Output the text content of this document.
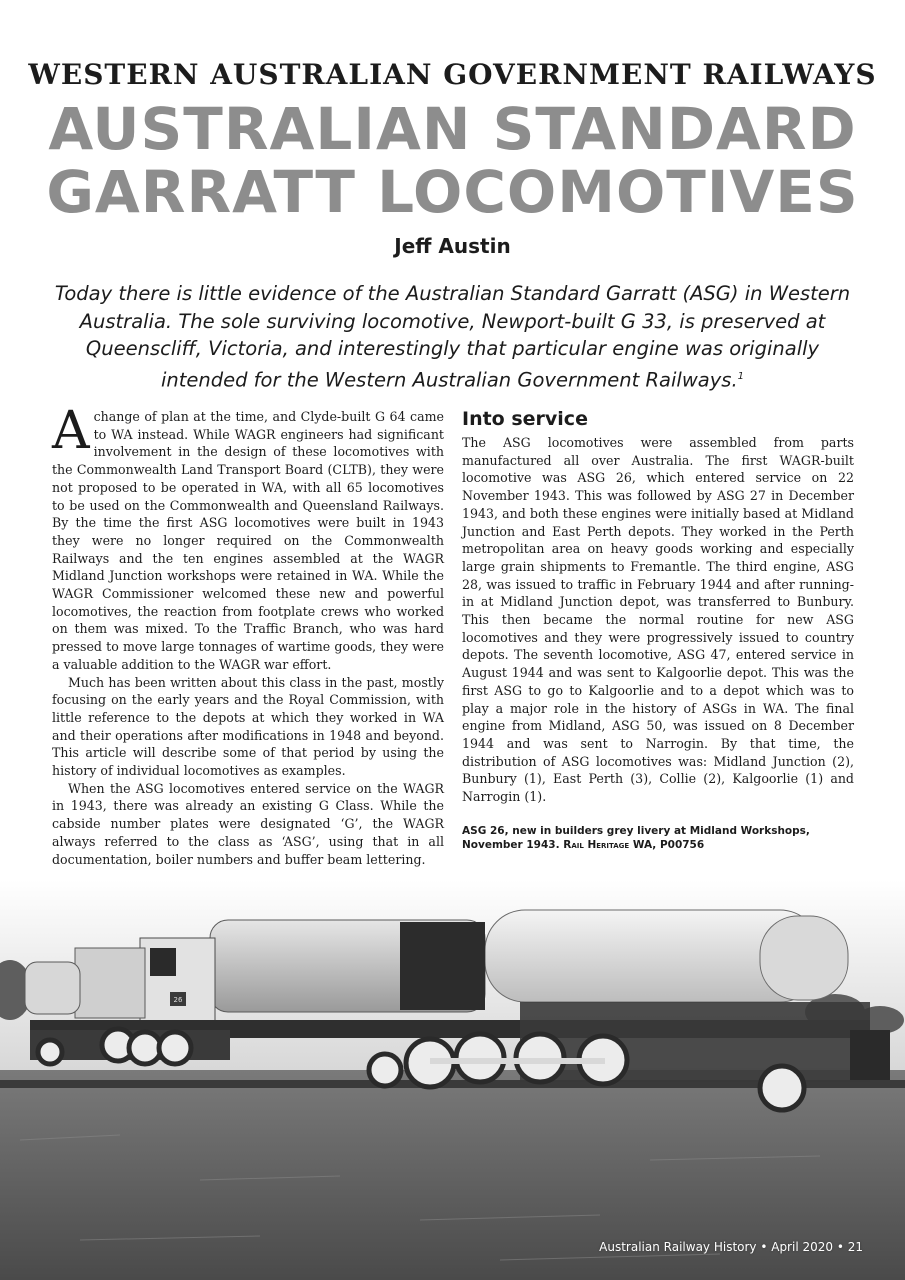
WESTERN AUSTRALIAN GOVERNMENT RAILWAYS
AUSTRALIAN STANDARD
GARRATT LOCOMOTIVES
Jeff Austin
Today there is little evidence of the Australian Standard Garratt (ASG) in Western Australia. The sole surviving locomotive, Newport-built G 33, is preserved at Queenscliff, Victoria, and interestingly that particular engine was originally intended for the Western Australian Government Railways.$^1$

A change of plan at the time, and Clyde-built G 64 came to WA instead. While WAGR engineers had significant involvement in the design of these locomotives with the Commonwealth Land Transport Board (CLTB), they were not proposed to be operated in WA, with all 65 locomotives to be used on the Commonwealth and Queensland Railways. By the time the first ASG locomotives were built in 1943 they were no longer required on the Commonwealth Railways and the ten engines assembled at the WAGR Midland Junction workshops were retained in WA. While the WAGR Commissioner welcomed these new and powerful locomotives, the reaction from footplate crews who worked on them was mixed. To the Traffic Branch, who was hard pressed to move large tonnages of wartime goods, they were a valuable addition to the WAGR war effort.

Much has been written about this class in the past, mostly focusing on the early years and the Royal Commission, with little reference to the depots at which they worked in WA and their operations after modifications in 1948 and beyond. This article will describe some of that period by using the history of individual locomotives as examples.

When the ASG locomotives entered service on the WAGR in 1943, there was already an existing G Class. While the cabside number plates were designated ‘G’, the WAGR always referred to the class as ‘ASG’, using that in all documentation, boiler numbers and buffer beam lettering.

Into service

The ASG locomotives were assembled from parts manufactured all over Australia. The first WAGR-built locomotive was ASG 26, which entered service on 22 November 1943. This was followed by ASG 27 in December 1943, and both these engines were initially based at Midland Junction and East Perth depots. They worked in the Perth metropolitan area on heavy goods working and especially large grain shipments to Fremantle. The third engine, ASG 28, was issued to traffic in February 1944 and after running-in at Midland Junction depot, was transferred to Bunbury. This then became the normal routine for new ASG locomotives and they were progressively issued to country depots. The seventh locomotive, ASG 47, entered service in August 1944 and was sent to Kalgoorlie depot. This was the first ASG to go to Kalgoorlie and to a depot which was to play a major role in the history of ASGs in WA. The final engine from Midland, ASG 50, was issued on 8 December 1944 and was sent to Narrogin. By that time, the distribution of ASG locomotives was: Midland Junction (2), Bunbury (1), East Perth (3), Collie (2), Kalgoorlie (1) and Narrogin (1).

ASG 26, new in builders grey livery at Midland Workshops, November 1943. Rail Heritage WA, P00756
26
Australian Railway History • April 2020 • 21
